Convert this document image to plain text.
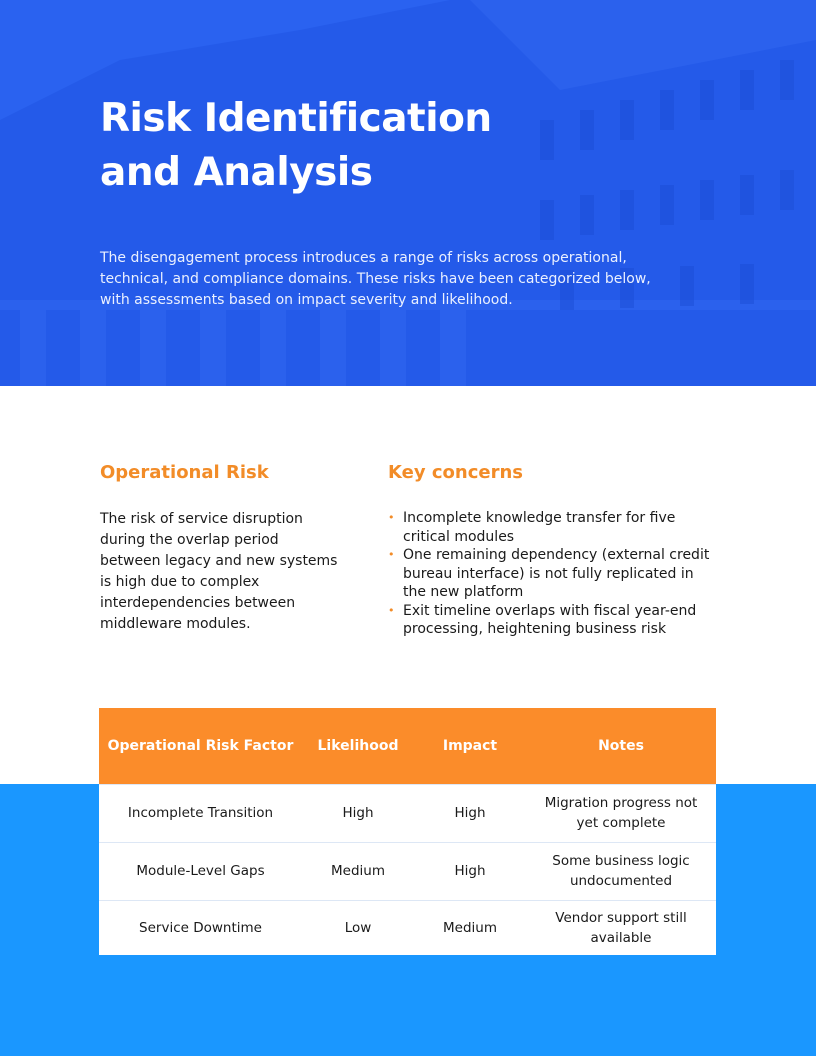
Risk Identification
and Analysis

The disengagement process introduces a range of risks across operational, technical, and compliance domains. These risks have been categorized below, with assessments based on impact severity and likelihood.

Operational Risk

The risk of service disruption during the overlap period between legacy and new systems is high due to complex interdependencies between middleware modules.

Key concerns
• Incomplete knowledge transfer for five critical modules
• One remaining dependency (external credit bureau interface) is not fully replicated in the new platform
• Exit timeline overlaps with fiscal year-end processing, heightening business risk
Operational Risk Factor	Likelihood	Impact	Notes
Incomplete Transition	High	High	Migration progress not yet complete
Module-Level Gaps	Medium	High	Some business logic undocumented
Service Downtime	Low	Medium	Vendor support still available
